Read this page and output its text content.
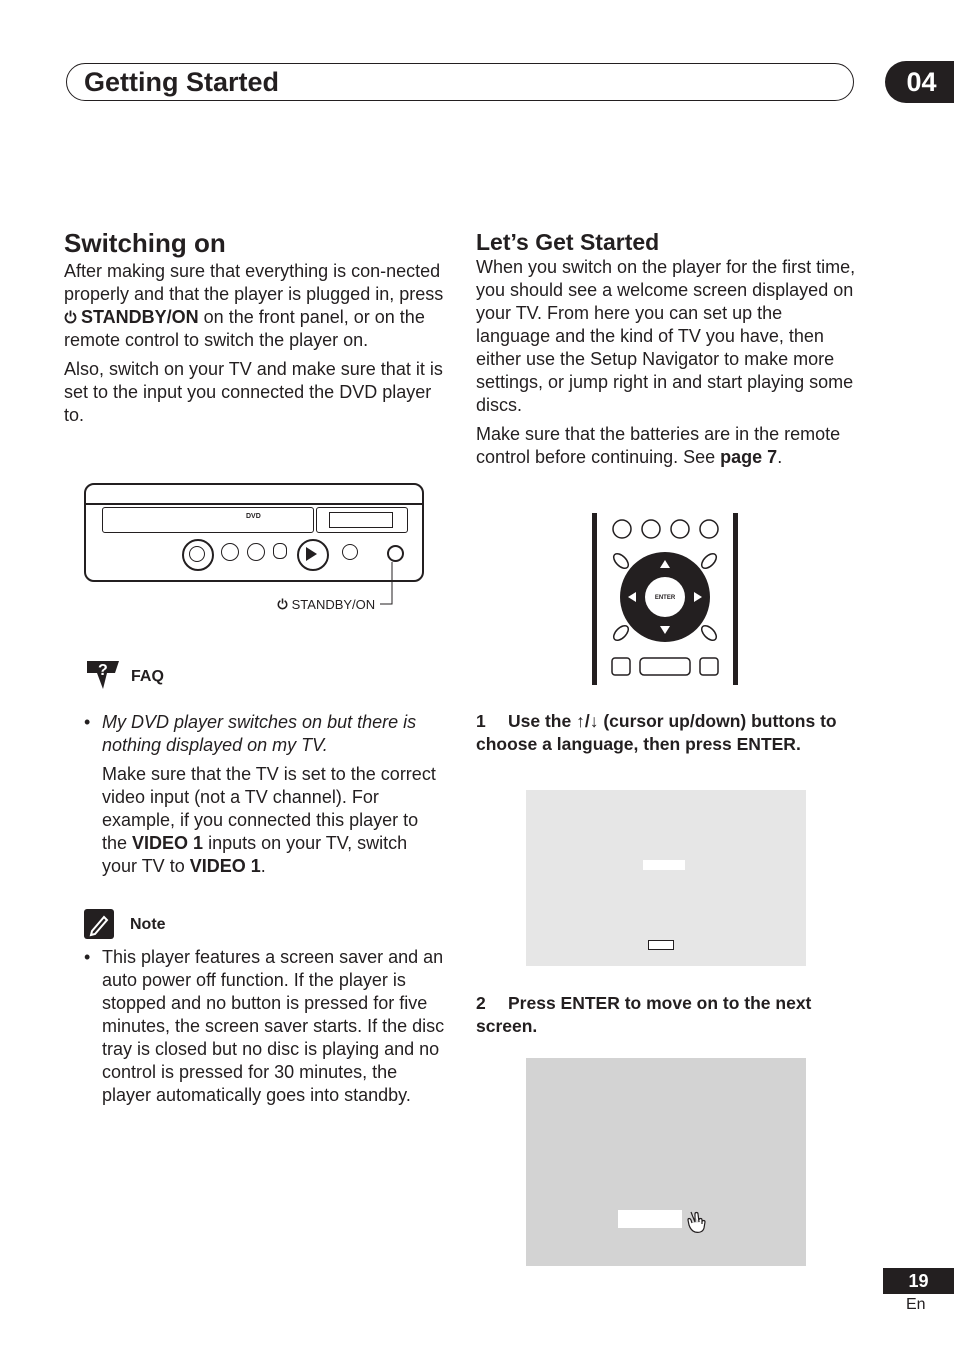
Getting Started	04
Switching on

After making sure that everything is con-nected properly and that the player is plugged in, press STANDBY/ON on the front panel, or on the remote control to switch the player on.

Also, switch on your TV and make sure that it is set to the input you connected the DVD player to.

DVD
STANDBY/ON
? FAQ

• My DVD player switches on but there is nothing displayed on my TV.

Make sure that the TV is set to the correct video input (not a TV channel). For example, if you connected this player to the VIDEO 1 inputs on your TV, switch your TV to VIDEO 1.

Note
• This player features a screen saver and an auto power off function. If the player is stopped and no button is pressed for five minutes, the screen saver starts. If the disc tray is closed but no disc is playing and no control is pressed for 30 minutes, the player automatically goes into standby.
Let’s Get Started

When you switch on the player for the first time, you should see a welcome screen displayed on your TV. From here you can set up the language and the kind of TV you have, then either use the Setup Navigator to make more settings, or jump right in and start playing some discs.

Make sure that the batteries are in the remote control before continuing. See page 7.

ENTER
1 Use the ↑/↓ (cursor up/down) buttons to choose a language, then press ENTER.
2 Press ENTER to move on to the next screen.
19
En
